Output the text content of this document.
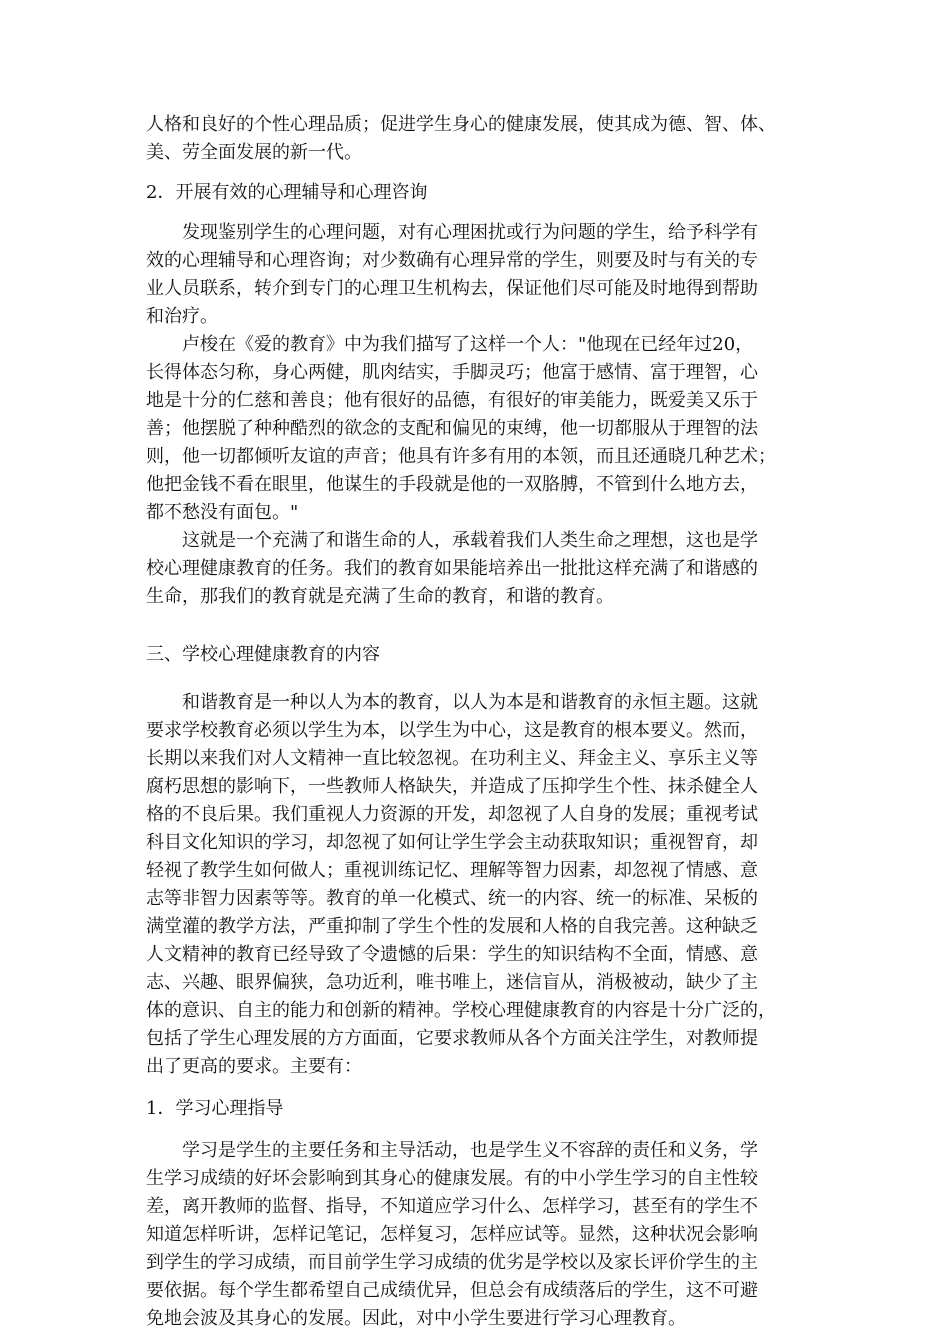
人格和良好的个性心理品质；促进学生身心的健康发展，使其成为德、智、体、
美、劳全面发展的新一代。
2．开展有效的心理辅导和心理咨询
发现鉴别学生的心理问题，对有心理困扰或行为问题的学生，给予科学有
效的心理辅导和心理咨询；对少数确有心理异常的学生，则要及时与有关的专
业人员联系，转介到专门的心理卫生机构去，保证他们尽可能及时地得到帮助
和治疗。
卢梭在《爱的教育》中为我们描写了这样一个人："他现在已经年过20，
长得体态匀称，身心两健，肌肉结实，手脚灵巧；他富于感情、富于理智，心
地是十分的仁慈和善良；他有很好的品德，有很好的审美能力，既爱美又乐于
善；他摆脱了种种酷烈的欲念的支配和偏见的束缚，他一切都服从于理智的法
则，他一切都倾听友谊的声音；他具有许多有用的本领，而且还通晓几种艺术；
他把金钱不看在眼里，他谋生的手段就是他的一双胳膊，不管到什么地方去，
都不愁没有面包。"
这就是一个充满了和谐生命的人，承载着我们人类生命之理想，这也是学
校心理健康教育的任务。我们的教育如果能培养出一批批这样充满了和谐感的
生命，那我们的教育就是充满了生命的教育，和谐的教育。
三、学校心理健康教育的内容
和谐教育是一种以人为本的教育，以人为本是和谐教育的永恒主题。这就
要求学校教育必须以学生为本，以学生为中心，这是教育的根本要义。然而，
长期以来我们对人文精神一直比较忽视。在功利主义、拜金主义、享乐主义等
腐朽思想的影响下，一些教师人格缺失，并造成了压抑学生个性、抹杀健全人
格的不良后果。我们重视人力资源的开发，却忽视了人自身的发展；重视考试
科目文化知识的学习，却忽视了如何让学生学会主动获取知识；重视智育，却
轻视了教学生如何做人；重视训练记忆、理解等智力因素，却忽视了情感、意
志等非智力因素等等。教育的单一化模式、统一的内容、统一的标准、呆板的
满堂灌的教学方法，严重抑制了学生个性的发展和人格的自我完善。这种缺乏
人文精神的教育已经导致了令遗憾的后果：学生的知识结构不全面，情感、意
志、兴趣、眼界偏狭，急功近利，唯书唯上，迷信盲从，消极被动，缺少了主
体的意识、自主的能力和创新的精神。学校心理健康教育的内容是十分广泛的，
包括了学生心理发展的方方面面，它要求教师从各个方面关注学生，对教师提
出了更高的要求。主要有：
1．学习心理指导
学习是学生的主要任务和主导活动，也是学生义不容辞的责任和义务，学
生学习成绩的好坏会影响到其身心的健康发展。有的中小学生学习的自主性较
差，离开教师的监督、指导，不知道应学习什么、怎样学习，甚至有的学生不
知道怎样听讲，怎样记笔记，怎样复习，怎样应试等。显然，这种状况会影响
到学生的学习成绩，而目前学生学习成绩的优劣是学校以及家长评价学生的主
要依据。每个学生都希望自己成绩优异，但总会有成绩落后的学生，这不可避
免地会波及其身心的发展。因此，对中小学生要进行学习心理教育。
